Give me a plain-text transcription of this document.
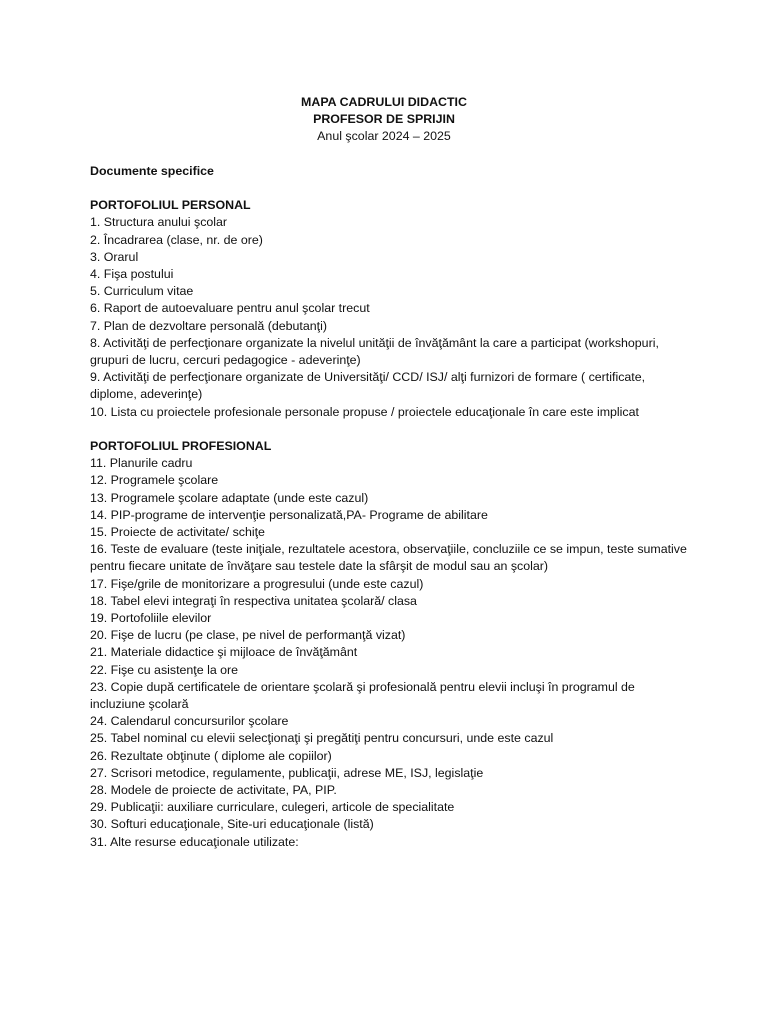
MAPA CADRULUI DIDACTIC
PROFESOR DE SPRIJIN
Anul şcolar 2024 – 2025
Documente specifice
PORTOFOLIUL PERSONAL
1. Structura anului şcolar
2. Încadrarea (clase, nr. de ore)
3. Orarul
4. Fişa postului
5. Curriculum vitae
6. Raport de autoevaluare pentru anul şcolar trecut
7. Plan de dezvoltare personală (debutanţi)
8. Activităţi de perfecţionare organizate la nivelul unităţii de învăţământ la care a participat (workshopuri, grupuri de lucru, cercuri pedagogice - adeverinţe)
9. Activităţi de perfecţionare organizate de Universităţi/ CCD/ ISJ/ alţi furnizori de formare ( certificate, diplome, adeverinţe)
10. Lista cu proiectele profesionale personale propuse / proiectele educaţionale în care este implicat
PORTOFOLIUL PROFESIONAL
11. Planurile cadru
12. Programele şcolare
13. Programele şcolare adaptate (unde este cazul)
14. PIP-programe de intervenţie personalizată,PA- Programe de abilitare
15. Proiecte de activitate/ schiţe
16. Teste de evaluare (teste iniţiale, rezultatele acestora, observaţiile, concluziile ce se impun, teste sumative pentru fiecare unitate de învăţare sau testele date la sfârşit de modul sau an şcolar)
17. Fişe/grile de monitorizare a progresului (unde este cazul)
18. Tabel elevi integraţi în respectiva unitatea şcolară/ clasa
19. Portofoliile elevilor
20. Fişe de lucru (pe clase, pe nivel de performanţă vizat)
21. Materiale didactice şi mijloace de învăţământ
22. Fişe cu asistenţe la ore
23. Copie după certificatele de orientare şcolară şi profesională pentru elevii incluşi în programul de incluziune şcolară
24. Calendarul concursurilor şcolare
25. Tabel nominal cu elevii selecţionaţi şi pregătiţi pentru concursuri, unde este cazul
26. Rezultate obţinute ( diplome ale copiilor)
27. Scrisori metodice, regulamente, publicaţii, adrese ME, ISJ, legislaţie
28. Modele de proiecte de activitate, PA, PIP.
29. Publicaţii: auxiliare curriculare, culegeri, articole de specialitate
30. Softuri educaţionale, Site-uri educaţionale (listă)
31. Alte resurse educaţionale utilizate:
